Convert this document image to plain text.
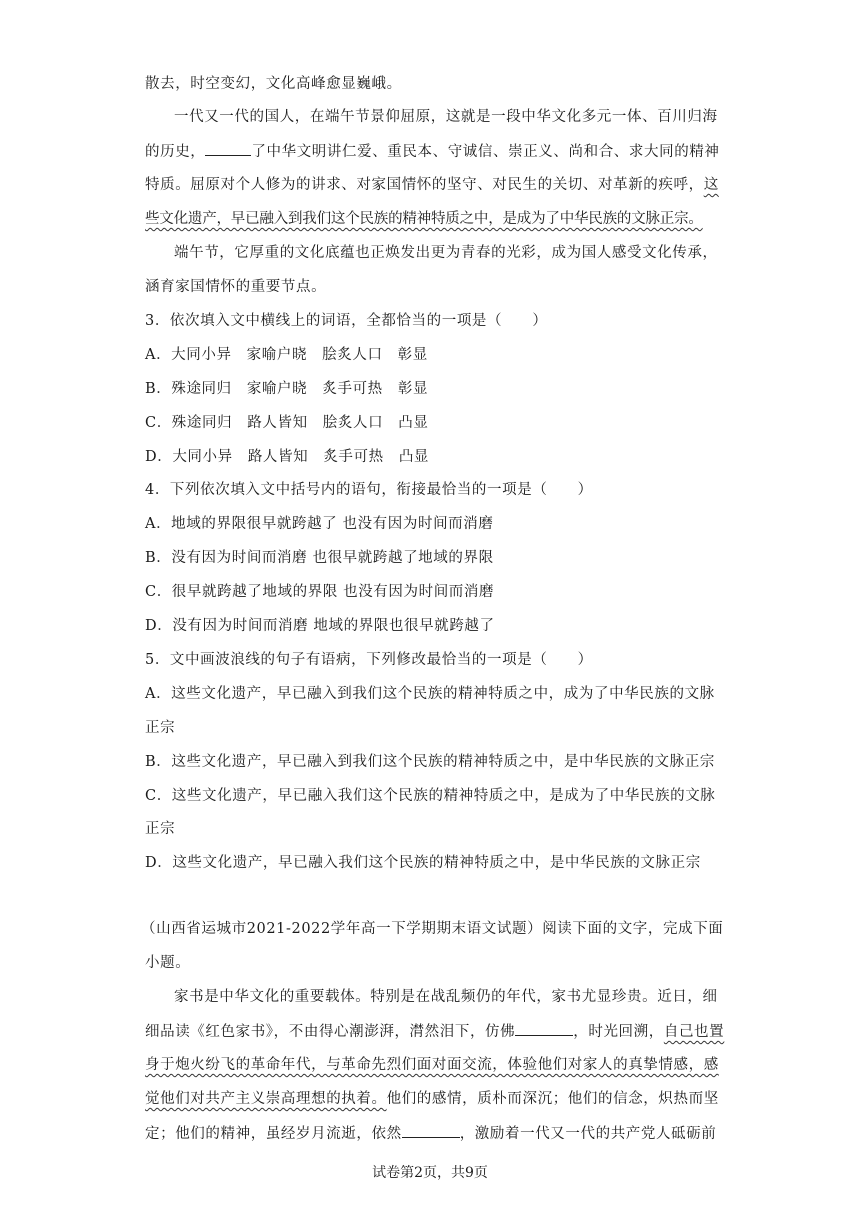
散去，时空变幻，文化高峰愈显巍峨。
一代又一代的国人，在端午节景仰屈原，这就是一段中华文化多元一体、百川归海
的历史，	了中华文明讲仁爱、重民本、守诚信、崇正义、尚和合、求大同的精神
特质。屈原对个人修为的讲求、对家国情怀的坚守、对民生的关切、对革新的疾呼，这
些文化遗产，早已融入到我们这个民族的精神特质之中，是成为了中华民族的文脉正宗。
端午节，它厚重的文化底蕴也正焕发出更为青春的光彩，成为国人感受文化传承，
涵育家国情怀的重要节点。
3．依次填入文中横线上的词语，全都恰当的一项是（　　）
A．大同小异　家喻户晓　脍炙人口　彰显
B．殊途同归　家喻户晓　炙手可热　彰显
C．殊途同归　路人皆知　脍炙人口　凸显
D．大同小异　路人皆知　炙手可热　凸显
4．下列依次填入文中括号内的语句，衔接最恰当的一项是（　　）
A．地域的界限很早就跨越了 也没有因为时间而消磨
B．没有因为时间而消磨 也很早就跨越了地域的界限
C．很早就跨越了地域的界限 也没有因为时间而消磨
D．没有因为时间而消磨 地域的界限也很早就跨越了
5．文中画波浪线的句子有语病，下列修改最恰当的一项是（　　）
A．这些文化遗产，早已融入到我们这个民族的精神特质之中，成为了中华民族的文脉
正宗
B．这些文化遗产，早已融入到我们这个民族的精神特质之中，是中华民族的文脉正宗
C．这些文化遗产，早已融入我们这个民族的精神特质之中，是成为了中华民族的文脉
正宗
D．这些文化遗产，早已融入我们这个民族的精神特质之中，是中华民族的文脉正宗
（山西省运城市2021-2022学年高一下学期期末语文试题）阅读下面的文字，完成下面
小题。
家书是中华文化的重要载体。特别是在战乱频仍的年代，家书尤显珍贵。近日，细
细品读《红色家书》，不由得心潮澎湃，潸然泪下，仿佛	，时光回溯，自己也置
身于炮火纷飞的革命年代，与革命先烈们面对面交流，体验他们对家人的真挚情感，感
觉他们对共产主义崇高理想的执着。他们的感情，质朴而深沉；他们的信念，炽热而坚
定；他们的精神，虽经岁月流逝，依然	，激励着一代又一代的共产党人砥砺前
试卷第2页，共9页
